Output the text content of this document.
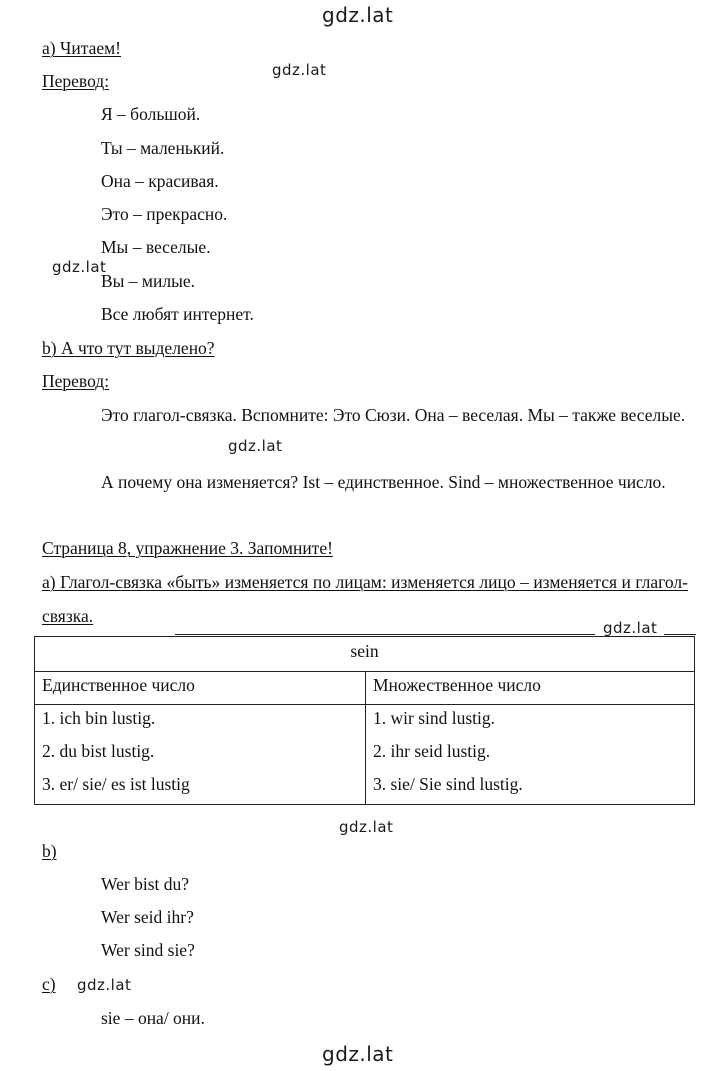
gdz.lat
gdz.lat
gdz.lat
gdz.lat
gdz.lat
gdz.lat
gdz.lat
gdz.lat
а) Читаем!
Перевод:
Я – большой.
Ты – маленький.
Она – красивая.
Это – прекрасно.
Мы – веселые.
Вы – милые.
Все любят интернет.
b) А что тут выделено?
Перевод:
Это глагол-связка. Вспомните: Это Сюзи. Она – веселая. Мы – также веселые.
А почему она изменяется? Ist – единственное. Sind – множественное число.
Страница 8, упражнение 3. Запомните!
а) Глагол-связка «быть» изменяется по лицам: изменяется лицо – изменяется и глагол-связка.
sein
Единственное число	Множественное число
1. ich bin lustig.
2. du bist lustig.
3. er/ sie/ es ist lustig
1. wir sind lustig.
2. ihr seid lustig.
3. sie/ Sie sind lustig.
b)
Wer bist du?
Wer seid ihr?
Wer sind sie?
c)
sie – она/ они.
